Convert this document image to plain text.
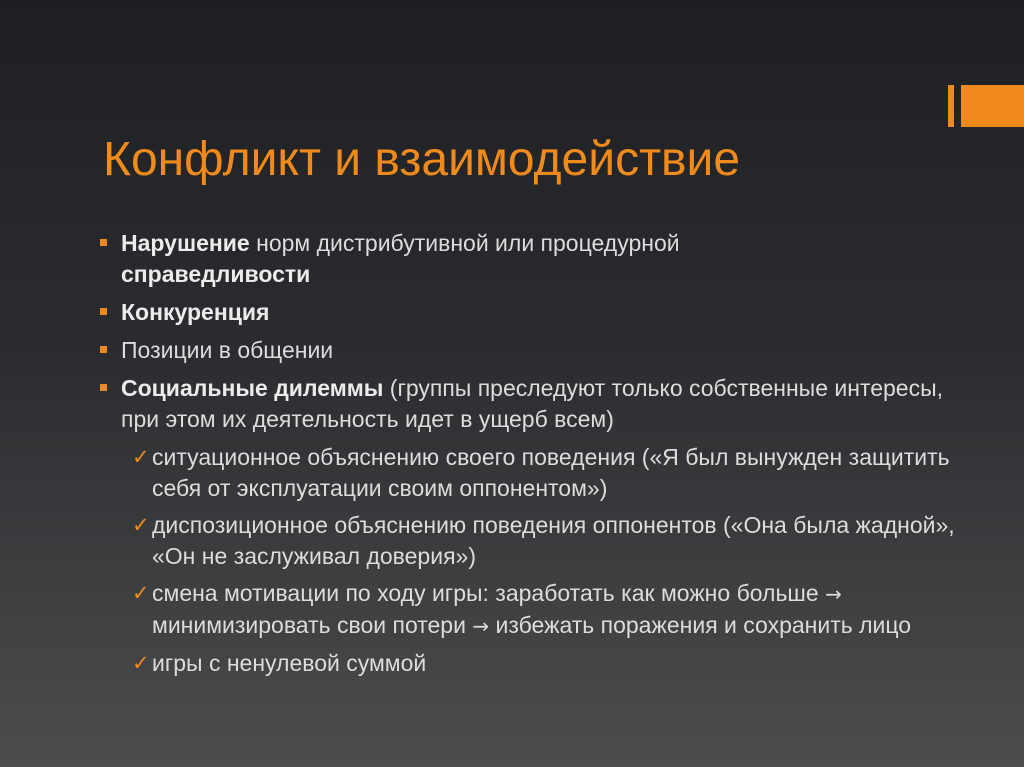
Конфликт и взаимодействие
Нарушение норм дистрибутивной или процедурной
справедливости
Конкуренция
Позиции в общении
Социальные дилеммы (группы преследуют только собственные интересы, при этом их деятельность идет в ущерб всем)
✓ ситуационное объяснению своего поведения («Я был вынужден защитить себя от эксплуатации своим оппонентом»)
✓ диспозиционное объяснению поведения оппонентов («Она была жадной», «Он не заслуживал доверия»)
✓ смена мотивации по ходу игры: заработать как можно больше → минимизировать свои потери → избежать поражения и сохранить лицо
✓ игры с ненулевой суммой
